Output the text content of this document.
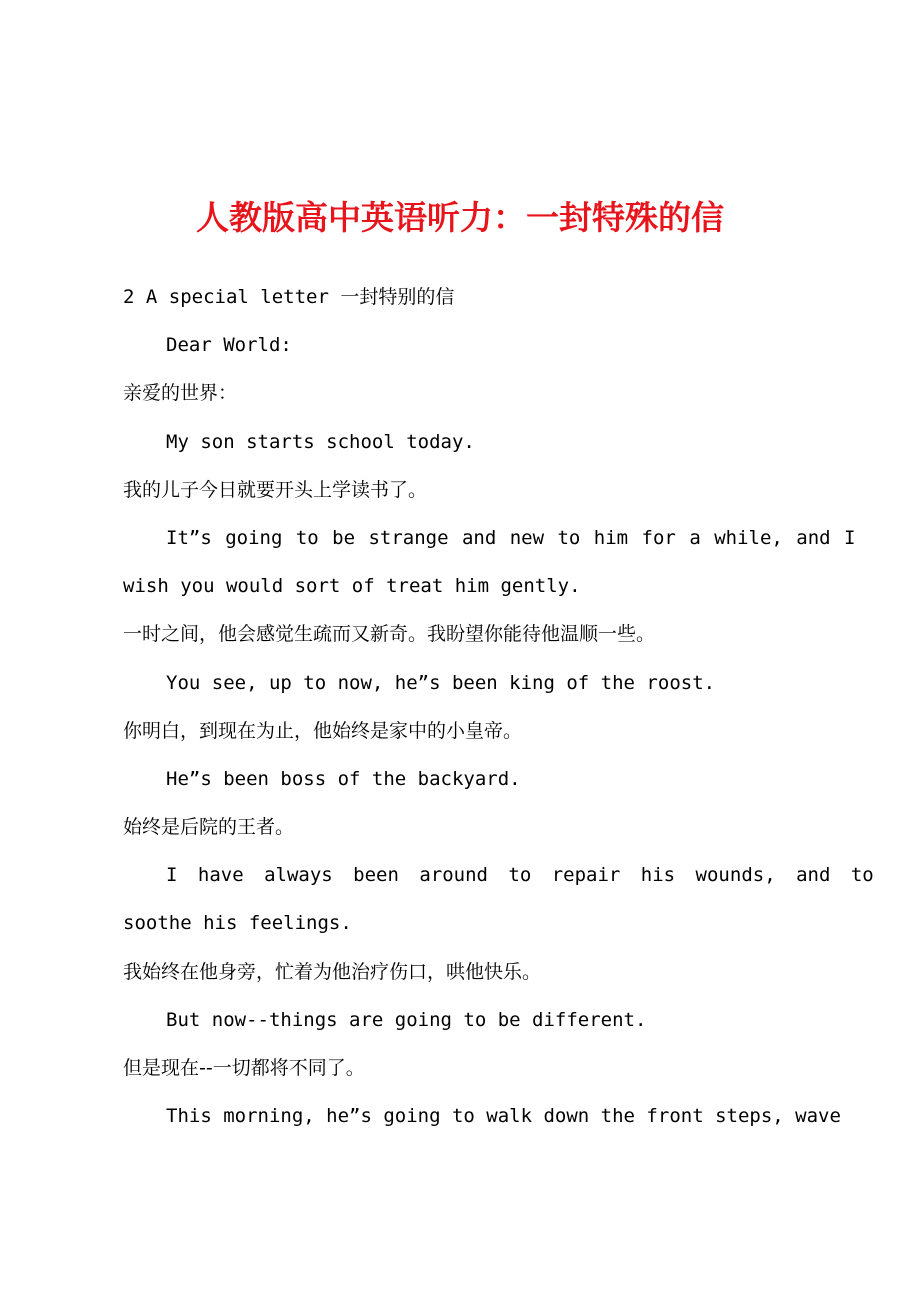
人教版高中英语听力：一封特殊的信
2 A special letter 一封特别的信
Dear World:
亲爱的世界：
My son starts school today.
我的儿子今日就要开头上学读书了。
It”s going to be strange and new to him for a while, and I
wish you would sort of treat him gently.
一时之间，他会感觉生疏而又新奇。我盼望你能待他温顺一些。
You see, up to now, he”s been king of the roost.
你明白，到现在为止，他始终是家中的小皇帝。
He”s been boss of the backyard.
始终是后院的王者。
I have always been around to repair his wounds, and to
soothe his feelings.
我始终在他身旁，忙着为他治疗伤口，哄他快乐。
But now--things are going to be different.
但是现在--一切都将不同了。
This morning, he”s going to walk down the front steps, wave
